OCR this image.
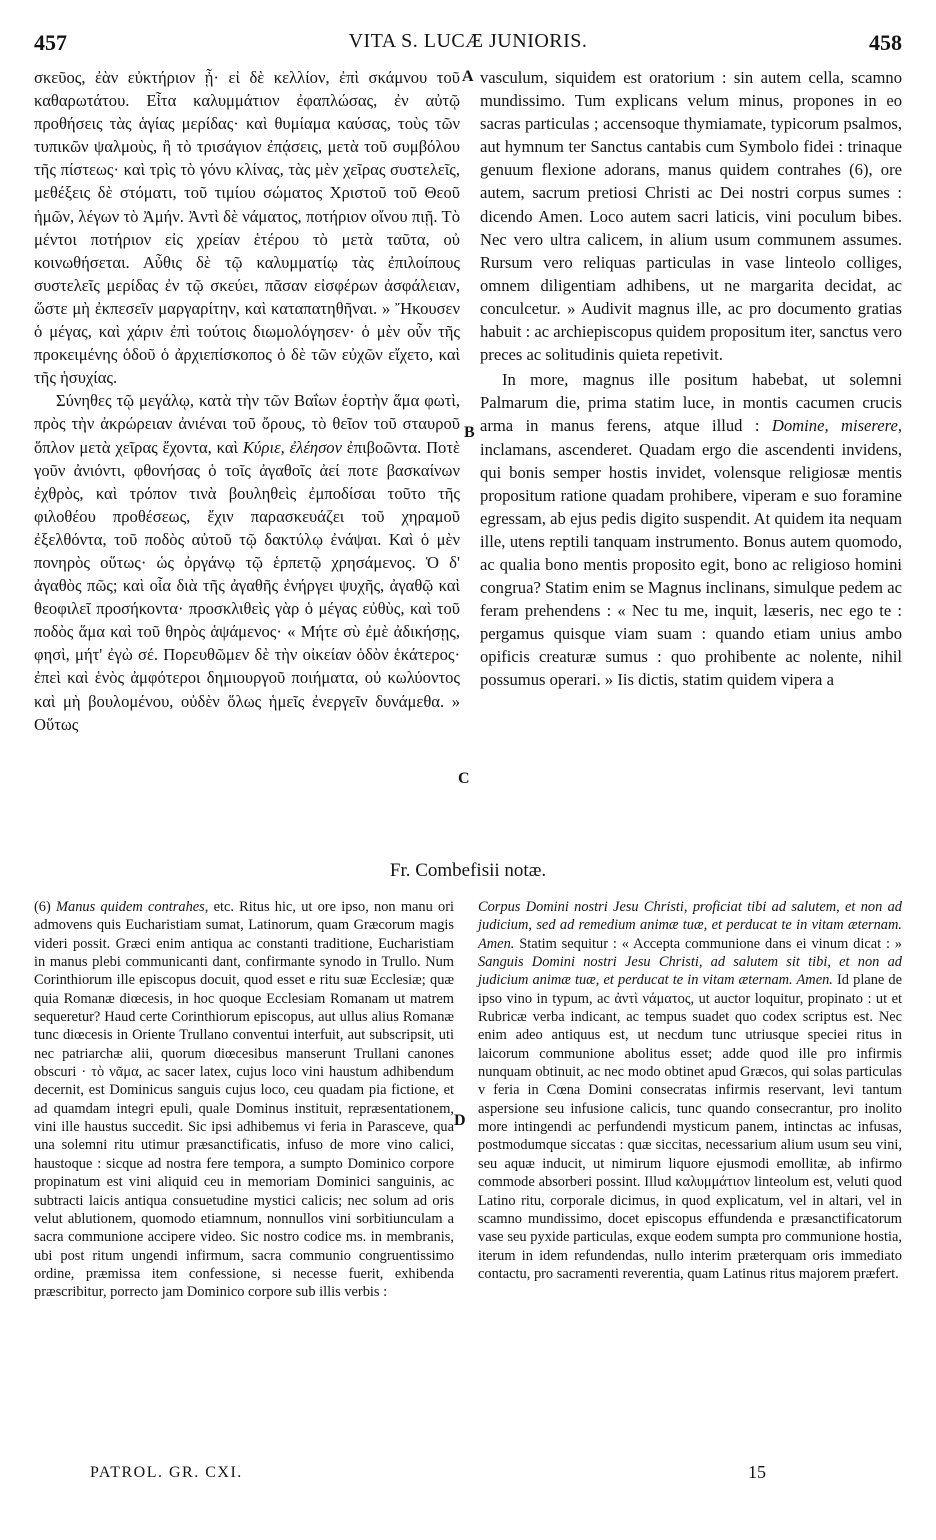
457	VITA S. LUCÆ JUNIORIS.	458

σκεῦος, ἐὰν εὐκτήριον ᾖ· εἰ δὲ κελλίον, ἐπὶ σκάμνου τοῦ καθαρωτάτου. Εἶτα καλυμμάτιον ἐφαπλώσας, ἐν αὐτῷ προθήσεις τὰς ἁγίας μερίδας· καὶ θυμίαμα καύσας, τοὺς τῶν τυπικῶν ψαλμοὺς, ἢ τὸ τρισάγιον ἐπᾴσεις, μετὰ τοῦ συμβόλου τῆς πίστεως· καὶ τρὶς τὸ γόνυ κλίνας, τὰς μὲν χεῖρας συστελεῖς, μεθέξεις δὲ στόματι, τοῦ τιμίου σώματος Χριστοῦ τοῦ Θεοῦ ἡμῶν, λέγων τὸ Ἀμήν. Ἀντὶ δὲ νάματος, ποτήριον οἴνου πιῇ. Τὸ μέντοι ποτήριον εἰς χρείαν ἑτέρου τὸ μετὰ ταῦτα, οὐ κοινωθήσεται. Αὖθις δὲ τῷ καλυμματίῳ τὰς ἐπιλοίπους συστελεῖς μερίδας ἐν τῷ σκεύει, πᾶσαν εἰσφέρων ἀσφάλειαν, ὥστε μὴ ἐκπεσεῖν μαργαρίτην, καὶ καταπατηθῆναι. » Ἤκουσεν ὁ μέγας, καὶ χάριν ἐπὶ τούτοις διωμολόγησεν· ὁ μὲν οὖν τῆς προκειμένης ὁδοῦ ὁ ἀρχιεπίσκοπος ὁ δὲ τῶν εὐχῶν εἴχετο, καὶ τῆς ἡσυχίας.

Σύνηθες τῷ μεγάλῳ, κατὰ τὴν τῶν Βαΐων ἑορτὴν ἅμα φωτὶ, πρὸς τὴν ἀκρώρειαν ἀνιέναι τοῦ ὄρους, τὸ θεῖον τοῦ σταυροῦ ὅπλον μετὰ χεῖρας ἔχοντα, καὶ Κύριε, ἐλέησον ἐπιβοῶντα. Ποτὲ γοῦν ἀνιόντι, φθονήσας ὁ τοῖς ἀγαθοῖς ἀεί ποτε βασκαίνων ἐχθρὸς, καὶ τρόπον τινὰ βουληθεὶς ἐμποδίσαι τοῦτο τῆς φιλοθέου προθέσεως, ἔχιν παρασκευάζει τοῦ χηραμοῦ ἐξελθόντα, τοῦ ποδὸς αὐτοῦ τῷ δακτύλῳ ἐνάψαι. Καὶ ὁ μὲν πονηρὸς οὕτως· ὡς ὀργάνῳ τῷ ἑρπετῷ χρησάμενος. Ὁ δ' ἀγαθὸς πῶς; καὶ οἷα διὰ τῆς ἀγαθῆς ἐνήργει ψυχῆς, ἀγαθῷ καὶ θεοφιλεῖ προσήκοντα· προσκλιθεὶς γὰρ ὁ μέγας εὐθὺς, καὶ τοῦ ποδὸς ἅμα καὶ τοῦ θηρὸς ἁψάμενος· « Μήτε σὺ ἐμὲ ἀδικήσῃς, φησὶ, μήτ' ἐγὼ σέ. Πορευθῶμεν δὲ τὴν οἰκείαν ὁδὸν ἑκάτερος· ἐπεὶ καὶ ἑνὸς ἀμφότεροι δημιουργοῦ ποιήματα, οὐ κωλύοντος καὶ μὴ βουλομένου, οὐδὲν ὅλως ἡμεῖς ἐνεργεῖν δυνάμεθα. » Οὕτως

A
B
C
D

vasculum, siquidem est oratorium : sin autem cella, scamno mundissimo. Tum explicans velum minus, propones in eo sacras particulas ; accensoque thymiamate, typicorum psalmos, aut hymnum ter Sanctus cantabis cum Symbolo fidei : trinaque genuum flexione adorans, manus quidem contrahes (6), ore autem, sacrum pretiosi Christi ac Dei nostri corpus sumes : dicendo Amen. Loco autem sacri laticis, vini poculum bibes. Nec vero ultra calicem, in alium usum communem assumes. Rursum vero reliquas particulas in vase linteolo colliges, omnem diligentiam adhibens, ut ne margarita decidat, ac conculcetur. » Audivit magnus ille, ac pro documento gratias habuit : ac archiepiscopus quidem propositum iter, sanctus vero preces ac solitudinis quieta repetivit.

In more, magnus ille positum habebat, ut solemni Palmarum die, prima statim luce, in montis cacumen crucis arma in manus ferens, atque illud : Domine, miserere, inclamans, ascenderet. Quadam ergo die ascendenti invidens, qui bonis semper hostis invidet, volensque religiosæ mentis propositum ratione quadam prohibere, viperam e suo foramine egressam, ab ejus pedis digito suspendit. At quidem ita nequam ille, utens reptili tanquam instrumento. Bonus autem quomodo, ac qualia bono mentis proposito egit, bono ac religioso homini congrua? Statim enim se Magnus inclinans, simulque pedem ac feram prehendens : « Nec tu me, inquit, læseris, nec ego te : pergamus quisque viam suam : quando etiam unius ambo opificis creaturæ sumus : quo prohibente ac nolente, nihil possumus operari. » Iis dictis, statim quidem vipera a

Fr. Combefisii notæ.

(6) Manus quidem contrahes, etc. Ritus hic, ut ore ipso, non manu ori admovens quis Eucharistiam sumat, Latinorum, quam Græcorum magis videri possit. Græci enim antiqua ac constanti traditione, Eucharistiam in manus plebi communicanti dant, confirmante synodo in Trullo. Num Corinthiorum ille episcopus docuit, quod esset e ritu suæ Ecclesiæ; quæ quia Romanæ diœcesis, in hoc quoque Ecclesiam Romanam ut matrem sequeretur? Haud certe Corinthiorum episcopus, aut ullus alius Romanæ tunc diœcesis in Oriente Trullano conventui interfuit, aut subscripsit, uti nec patriarchæ alii, quorum diœcesibus manserunt Trullani canones obscuri · τὸ νᾶμα, ac sacer latex, cujus loco vini haustum adhibendum decernit, est Dominicus sanguis cujus loco, ceu quadam pia fictione, et ad quamdam integri epuli, quale Dominus instituit, repræsentationem, vini ille haustus succedit. Sic ipsi adhibemus vi feria in Parasceve, qua una solemni ritu utimur præsanctificatis, infuso de more vino calici, haustoque : sicque ad nostra fere tempora, a sumpto Dominico corpore propinatum est vini aliquid ceu in memoriam Dominici sanguinis, ac subtracti laicis antiqua consuetudine mystici calicis; nec solum ad oris velut ablutionem, quomodo etiamnum, nonnullos vini sorbitiunculam a sacra communione accipere video. Sic nostro codice ms. in membranis, ubi post ritum ungendi infirmum, sacra communio congruentissimo ordine, præmissa item confessione, si necesse fuerit, exhibenda præscribitur, porrecto jam Dominico corpore sub illis verbis :

Corpus Domini nostri Jesu Christi, proficiat tibi ad salutem, et non ad judicium, sed ad remedium animæ tuæ, et perducat te in vitam æternam. Amen. Statim sequitur : « Accepta communione dans ei vinum dicat : » Sanguis Domini nostri Jesu Christi, ad salutem sit tibi, et non ad judicium animæ tuæ, et perducat te in vitam æternam. Amen. Id plane de ipso vino in typum, ac ἀντὶ νάματος, ut auctor loquitur, propinato : ut et Rubricæ verba indicant, ac tempus suadet quo codex scriptus est. Nec enim adeo antiquus est, ut necdum tunc utriusque speciei ritus in laicorum communione abolitus esset; adde quod ille pro infirmis nunquam obtinuit, ac nec modo obtinet apud Græcos, qui solas particulas v feria in Cœna Domini consecratas infirmis reservant, levi tantum aspersione seu infusione calicis, tunc quando consecrantur, pro inolito more intingendi ac perfundendi mysticum panem, intinctas ac infusas, postmodumque siccatas : quæ siccitas, necessarium alium usum seu vini, seu aquæ inducit, ut nimirum liquore ejusmodi emollitæ, ab infirmo commode absorberi possint. Illud καλυμμάτιον linteolum est, veluti quod Latino ritu, corporale dicimus, in quod explicatum, vel in altari, vel in scamno mundissimo, docet episcopus effundenda e præsanctificatorum vase seu pyxide particulas, exque eodem sumpta pro communione hostia, iterum in idem refundendas, nullo interim præterquam oris immediato contactu, pro sacramenti reverentia, quam Latinus ritus majorem præfert.

PATROL. GR. CXI.	15
